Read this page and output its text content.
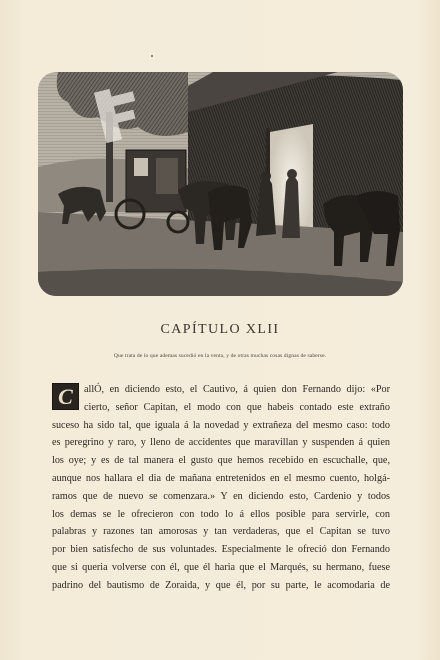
CAPÍTULO XLII
Que trata de lo que ademas sucedió en la venta, y de otras muchas cosas dignas de saberse.
C	allÓ, en diciendo esto, el Cautivo, á quien don Fernando dijo: «Por
cierto, señor Capitan, el modo con que habeis contado este extraño
suceso ha sido tal, que iguala á la novedad y extrañeza del mesmo caso: todo
es peregrino y raro, y lleno de accidentes que maravillan y suspenden á quien
los oye; y es de tal manera el gusto que hemos recebido en escuchalle, que,
aunque nos hallara el dia de mañana entretenidos en el mesmo cuento, holgá-
ramos que de nuevo se comenzara.» Y en diciendo esto, Cardenio y todos
los demas se le ofrecieron con todo lo á ellos posible para servirle, con
palabras y razones tan amorosas y tan verdaderas, que el Capitan se tuvo
por bien satisfecho de sus voluntades. Especialmente le ofreció don Fernando
que si queria volverse con él, que él haria que el Marqués, su hermano, fuese
padrino del bautismo de Zoraida, y que él, por su parte, le acomodaria de
